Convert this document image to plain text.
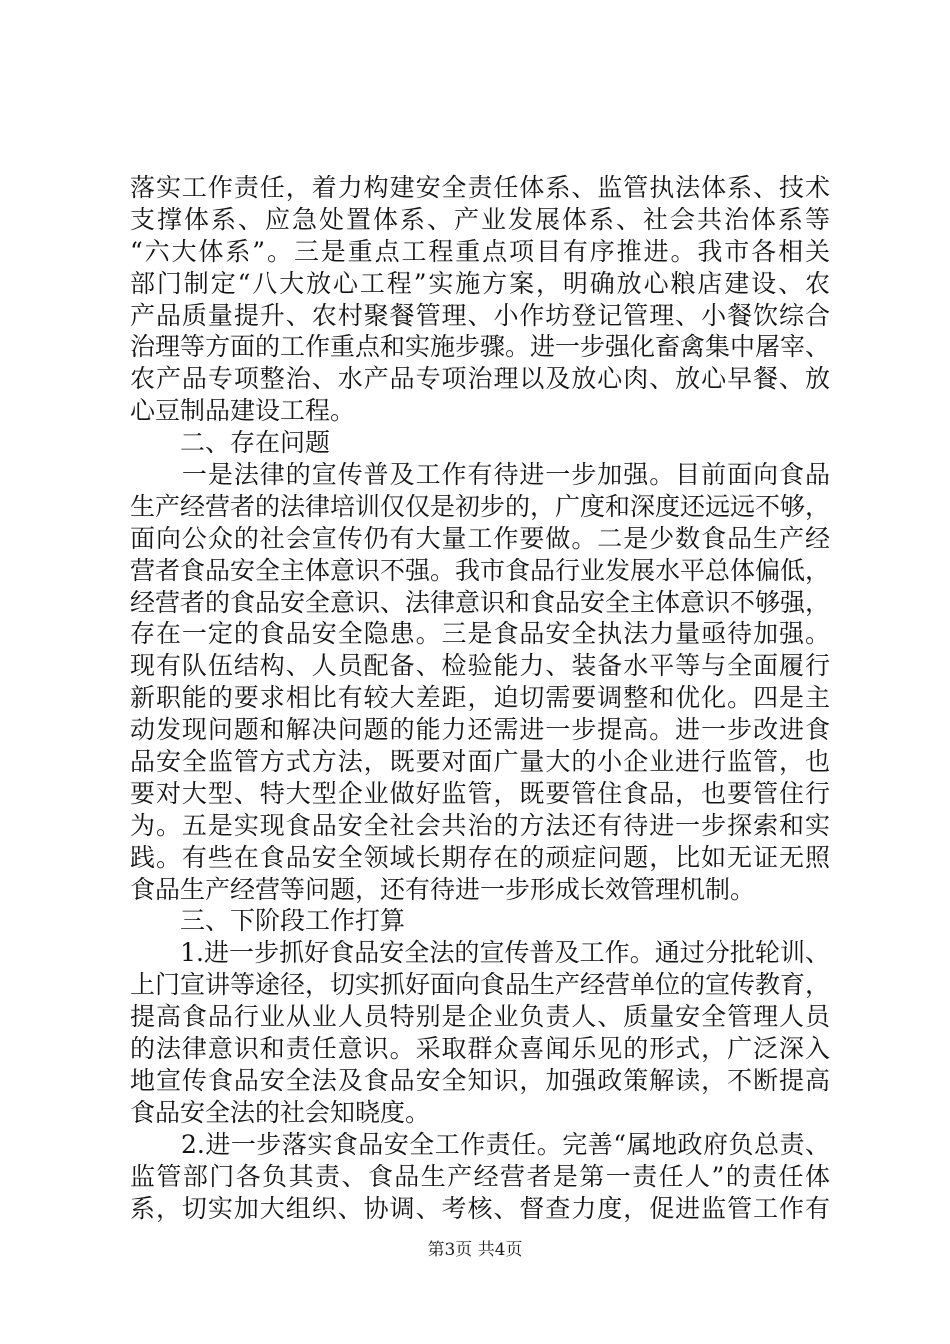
落实工作责任，着力构建安全责任体系、监管执法体系、技术
支撑体系、应急处置体系、产业发展体系、社会共治体系等
“六大体系”。三是重点工程重点项目有序推进。我市各相关
部门制定“八大放心工程”实施方案，明确放心粮店建设、农
产品质量提升、农村聚餐管理、小作坊登记管理、小餐饮综合
治理等方面的工作重点和实施步骤。进一步强化畜禽集中屠宰、
农产品专项整治、水产品专项治理以及放心肉、放心早餐、放
心豆制品建设工程。
　　二、存在问题
　　一是法律的宣传普及工作有待进一步加强。目前面向食品
生产经营者的法律培训仅仅是初步的，广度和深度还远远不够，
面向公众的社会宣传仍有大量工作要做。二是少数食品生产经
营者食品安全主体意识不强。我市食品行业发展水平总体偏低，
经营者的食品安全意识、法律意识和食品安全主体意识不够强，
存在一定的食品安全隐患。三是食品安全执法力量亟待加强。
现有队伍结构、人员配备、检验能力、装备水平等与全面履行
新职能的要求相比有较大差距，迫切需要调整和优化。四是主
动发现问题和解决问题的能力还需进一步提高。进一步改进食
品安全监管方式方法，既要对面广量大的小企业进行监管，也
要对大型、特大型企业做好监管，既要管住食品，也要管住行
为。五是实现食品安全社会共治的方法还有待进一步探索和实
践。有些在食品安全领域长期存在的顽症问题，比如无证无照
食品生产经营等问题，还有待进一步形成长效管理机制。
　　三、下阶段工作打算
　　1.进一步抓好食品安全法的宣传普及工作。通过分批轮训、
上门宣讲等途径，切实抓好面向食品生产经营单位的宣传教育，
提高食品行业从业人员特别是企业负责人、质量安全管理人员
的法律意识和责任意识。采取群众喜闻乐见的形式，广泛深入
地宣传食品安全法及食品安全知识，加强政策解读，不断提高
食品安全法的社会知晓度。
　　2.进一步落实食品安全工作责任。完善“属地政府负总责、
监管部门各负其责、食品生产经营者是第一责任人”的责任体
系，切实加大组织、协调、考核、督查力度，促进监管工作有
第3页 共4页
